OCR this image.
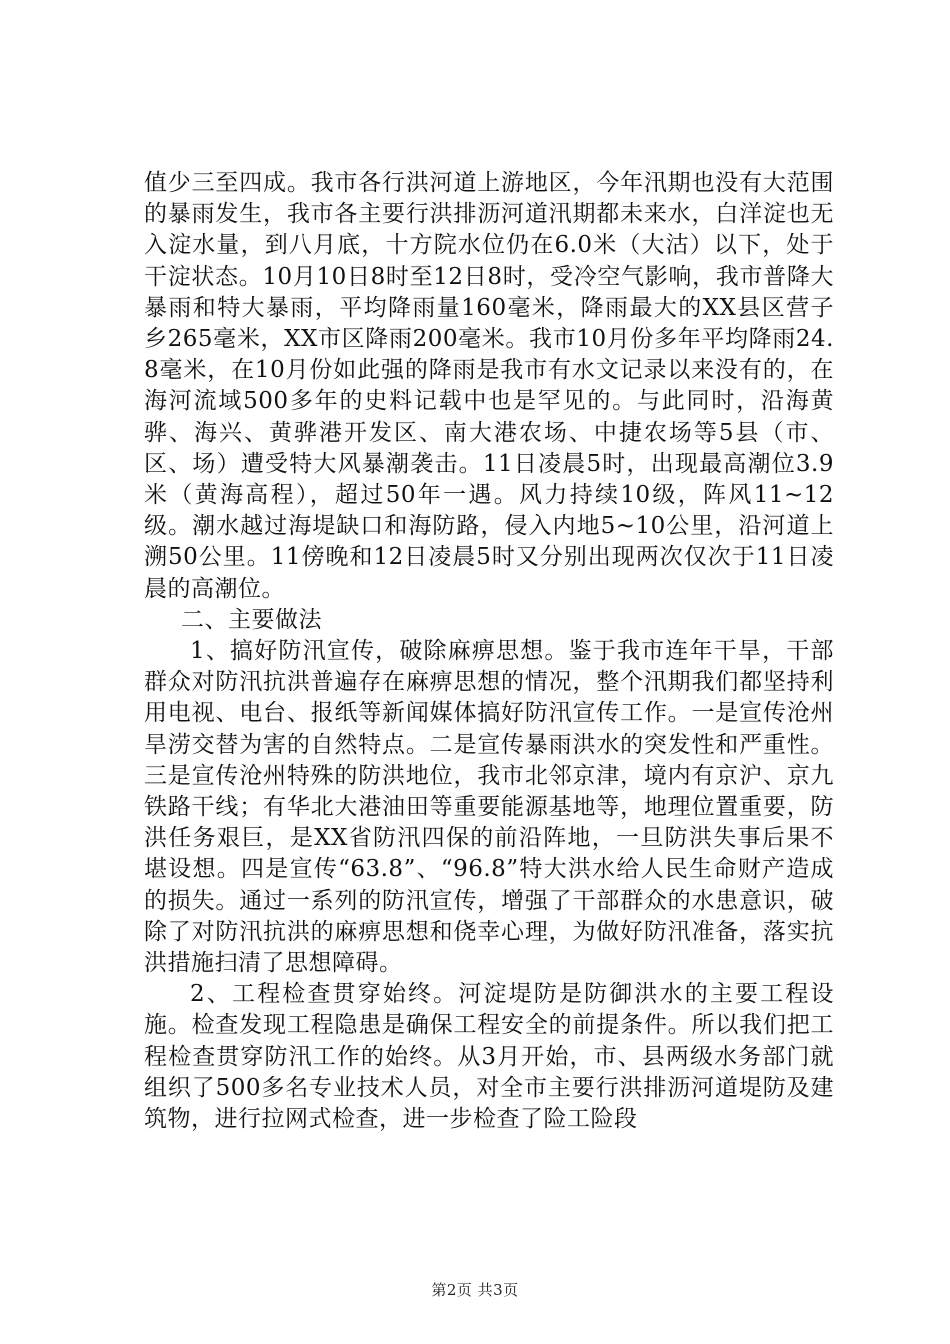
值少三至四成。我市各行洪河道上游地区，今年汛期也没有大范围的暴雨发生，我市各主要行洪排沥河道汛期都未来水，白洋淀也无入淀水量，到八月底，十方院水位仍在6.0米（大沽）以下，处于干淀状态。10月10日8时至12日8时，受冷空气影响，我市普降大暴雨和特大暴雨，平均降雨量160毫米，降雨最大的XX县区营子乡265毫米，XX市区降雨200毫米。我市10月份多年平均降雨24.8毫米，在10月份如此强的降雨是我市有水文记录以来没有的，在海河流域500多年的史料记载中也是罕见的。与此同时，沿海黄骅、海兴、黄骅港开发区、南大港农场、中捷农场等5县（市、区、场）遭受特大风暴潮袭击。11日凌晨5时，出现最高潮位3.9米（黄海高程），超过50年一遇。风力持续10级，阵风11~12级。潮水越过海堤缺口和海防路，侵入内地5~10公里，沿河道上溯50公里。11傍晚和12日凌晨5时又分别出现两次仅次于11日凌晨的高潮位。

二、主要做法

1、搞好防汛宣传，破除麻痹思想。鉴于我市连年干旱，干部群众对防汛抗洪普遍存在麻痹思想的情况，整个汛期我们都坚持利用电视、电台、报纸等新闻媒体搞好防汛宣传工作。一是宣传沧州旱涝交替为害的自然特点。二是宣传暴雨洪水的突发性和严重性。三是宣传沧州特殊的防洪地位，我市北邻京津，境内有京沪、京九铁路干线；有华北大港油田等重要能源基地等，地理位置重要，防洪任务艰巨，是XX省防汛四保的前沿阵地，一旦防洪失事后果不堪设想。四是宣传“63.8”、“96.8”特大洪水给人民生命财产造成的损失。通过一系列的防汛宣传，增强了干部群众的水患意识，破除了对防汛抗洪的麻痹思想和侥幸心理，为做好防汛准备，落实抗洪措施扫清了思想障碍。

2、工程检查贯穿始终。河淀堤防是防御洪水的主要工程设施。检查发现工程隐患是确保工程安全的前提条件。所以我们把工程检查贯穿防汛工作的始终。从3月开始，市、县两级水务部门就组织了500多名专业技术人员，对全市主要行洪排沥河道堤防及建筑物，进行拉网式检查，进一步检查了险工险段

第2页 共3页
